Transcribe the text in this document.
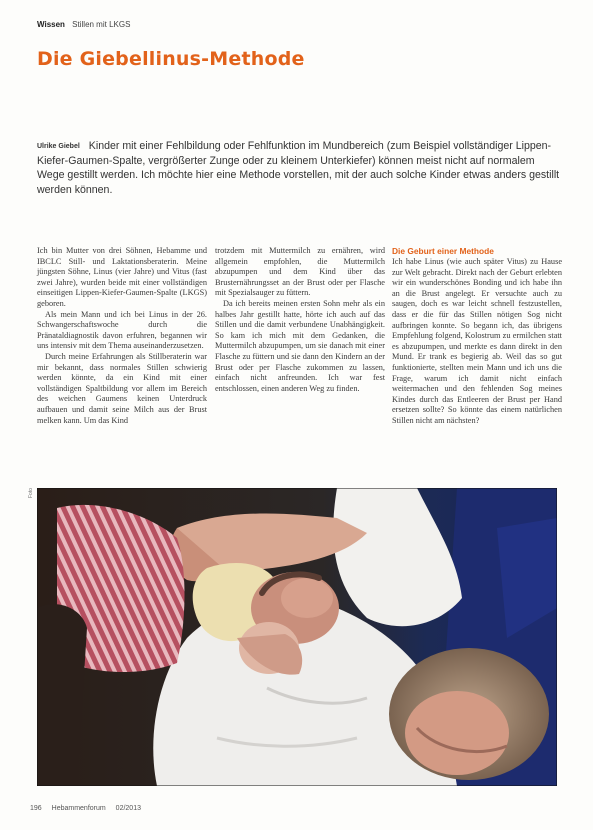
Wissen Stillen mit LKGS
Die Giebellinus-Methode

Ulrike Giebel Kinder mit einer Fehlbildung oder Fehlfunktion im Mundbereich (zum Beispiel vollständiger Lippen-Kiefer-Gaumen-Spalte, vergrößerter Zunge oder zu kleinem Unterkiefer) können meist nicht auf normalem Wege gestillt werden. Ich möchte hier eine Methode vorstellen, mit der auch solche Kinder etwas anders gestillt werden können.

Ich bin Mutter von drei Söhnen, Hebamme und IBCLC Still- und Laktationsberaterin. Meine jüngsten Söhne, Linus (vier Jahre) und Vitus (fast zwei Jahre), wurden beide mit einer vollständigen einseitigen Lippen-Kiefer-Gaumen-Spalte (LKGS) geboren.

Als mein Mann und ich bei Linus in der 26. Schwangerschaftswoche durch die Pränataldiagnostik davon erfuhren, begannen wir uns intensiv mit dem Thema auseinanderzusetzen.

Durch meine Erfahrungen als Stillberaterin war mir bekannt, dass normales Stillen schwierig werden könnte, da ein Kind mit einer vollständigen Spaltbildung vor allem im Bereich des weichen Gaumens keinen Unterdruck aufbauen und damit seine Milch aus der Brust melken kann. Um das Kind

trotzdem mit Muttermilch zu ernähren, wird allgemein empfohlen, die Muttermilch abzupumpen und dem Kind über das Brusternährungsset an der Brust oder per Flasche mit Spezialsauger zu füttern.

Da ich bereits meinen ersten Sohn mehr als ein halbes Jahr gestillt hatte, hörte ich auch auf das Stillen und die damit verbundene Unabhängigkeit. So kam ich mich mit dem Gedanken, die Muttermilch abzupumpen, um sie danach mit einer Flasche zu füttern und sie dann den Kindern an der Brust oder per Flasche zukommen zu lassen, einfach nicht anfreunden. Ich war fest entschlossen, einen anderen Weg zu finden.

Die Geburt einer Methode

Ich habe Linus (wie auch später Vitus) zu Hause zur Welt gebracht. Direkt nach der Geburt erlebten wir ein wunderschönes Bonding und ich habe ihn an die Brust angelegt. Er versuchte auch zu saugen, doch es war leicht schnell festzustellen, dass er die für das Stillen nötigen Sog nicht aufbringen konnte. So begann ich, das übrigens Empfehlung folgend, Kolostrum zu ermilchen statt es abzupumpen, und merkte es dann direkt in den Mund. Er trank es begierig ab. Weil das so gut funktionierte, stellten mein Mann und ich uns die Frage, warum ich damit nicht einfach weitermachen und den fehlenden Sog meines Kindes durch das Entleeren der Brust per Hand ersetzen sollte? So könnte das einem natürlichen Stillen nicht am nächsten?

Foto
196 Hebammenforum 02/2013
